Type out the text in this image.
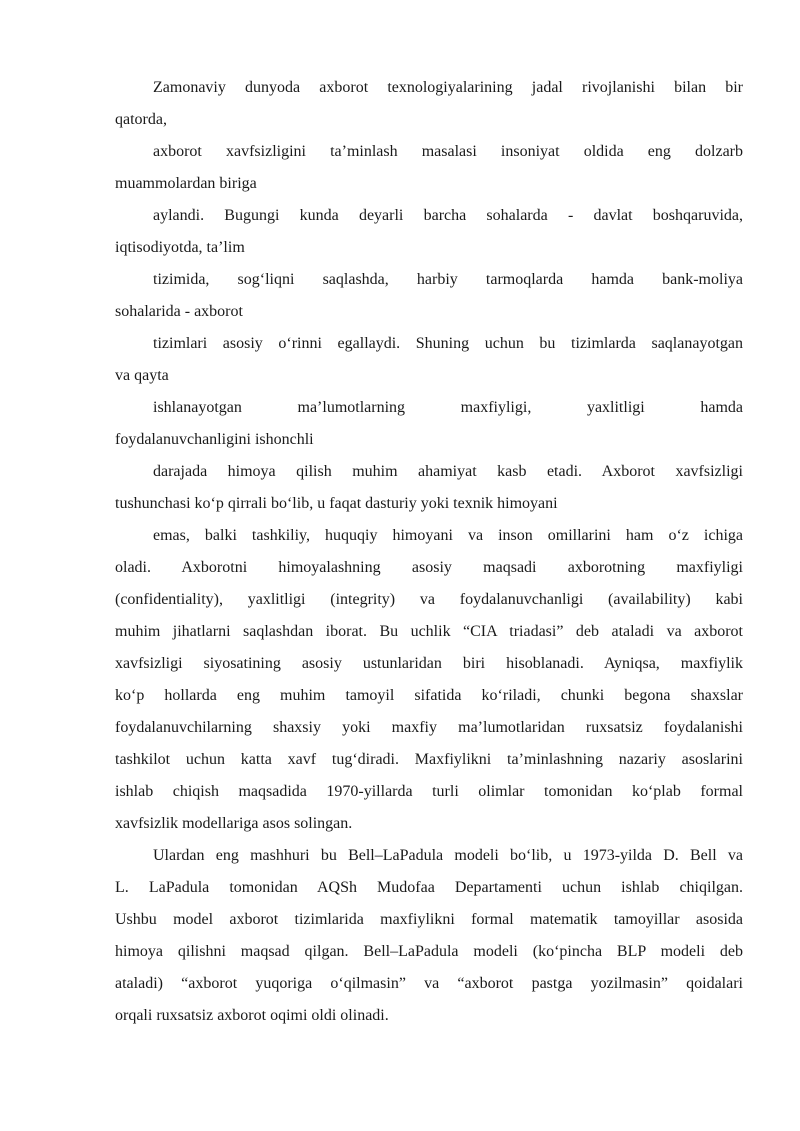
Zamonaviy dunyoda axborot texnologiyalarining jadal rivojlanishi bilan bir
qatorda,
axborot xavfsizligini ta’minlash masalasi insoniyat oldida eng dolzarb
muammolardan biriga
aylandi. Bugungi kunda deyarli barcha sohalarda - davlat boshqaruvida,
iqtisodiyotda, ta’lim
tizimida, sog‘liqni saqlashda, harbiy tarmoqlarda hamda bank-moliya
sohalarida - axborot
tizimlari asosiy o‘rinni egallaydi. Shuning uchun bu tizimlarda saqlanayotgan
va qayta
ishlanayotgan ma’lumotlarning maxfiyligi, yaxlitligi hamda
foydalanuvchanligini ishonchli
darajada himoya qilish muhim ahamiyat kasb etadi. Axborot xavfsizligi
tushunchasi ko‘p qirrali bo‘lib, u faqat dasturiy yoki texnik himoyani
emas, balki tashkiliy, huquqiy himoyani va inson omillarini ham o‘z ichiga
oladi. Axborotni himoyalashning asosiy maqsadi axborotning maxfiyligi
(confidentiality), yaxlitligi (integrity) va foydalanuvchanligi (availability) kabi
muhim jihatlarni saqlashdan iborat. Bu uchlik “CIA triadasi” deb ataladi va axborot
xavfsizligi siyosatining asosiy ustunlaridan biri hisoblanadi. Ayniqsa, maxfiylik
ko‘p hollarda eng muhim tamoyil sifatida ko‘riladi, chunki begona shaxslar
foydalanuvchilarning shaxsiy yoki maxfiy ma’lumotlaridan ruxsatsiz foydalanishi
tashkilot uchun katta xavf tug‘diradi. Maxfiylikni ta’minlashning nazariy asoslarini
ishlab chiqish maqsadida 1970-yillarda turli olimlar tomonidan ko‘plab formal
xavfsizlik modellariga asos solingan.
Ulardan eng mashhuri bu Bell–LaPadula modeli bo‘lib, u 1973-yilda D. Bell va
L. LaPadula tomonidan AQSh Mudofaa Departamenti uchun ishlab chiqilgan.
Ushbu model axborot tizimlarida maxfiylikni formal matematik tamoyillar asosida
himoya qilishni maqsad qilgan. Bell–LaPadula modeli (ko‘pincha BLP modeli deb
ataladi) “axborot yuqoriga o‘qilmasin” va “axborot pastga yozilmasin” qoidalari
orqali ruxsatsiz axborot oqimi oldi olinadi.
